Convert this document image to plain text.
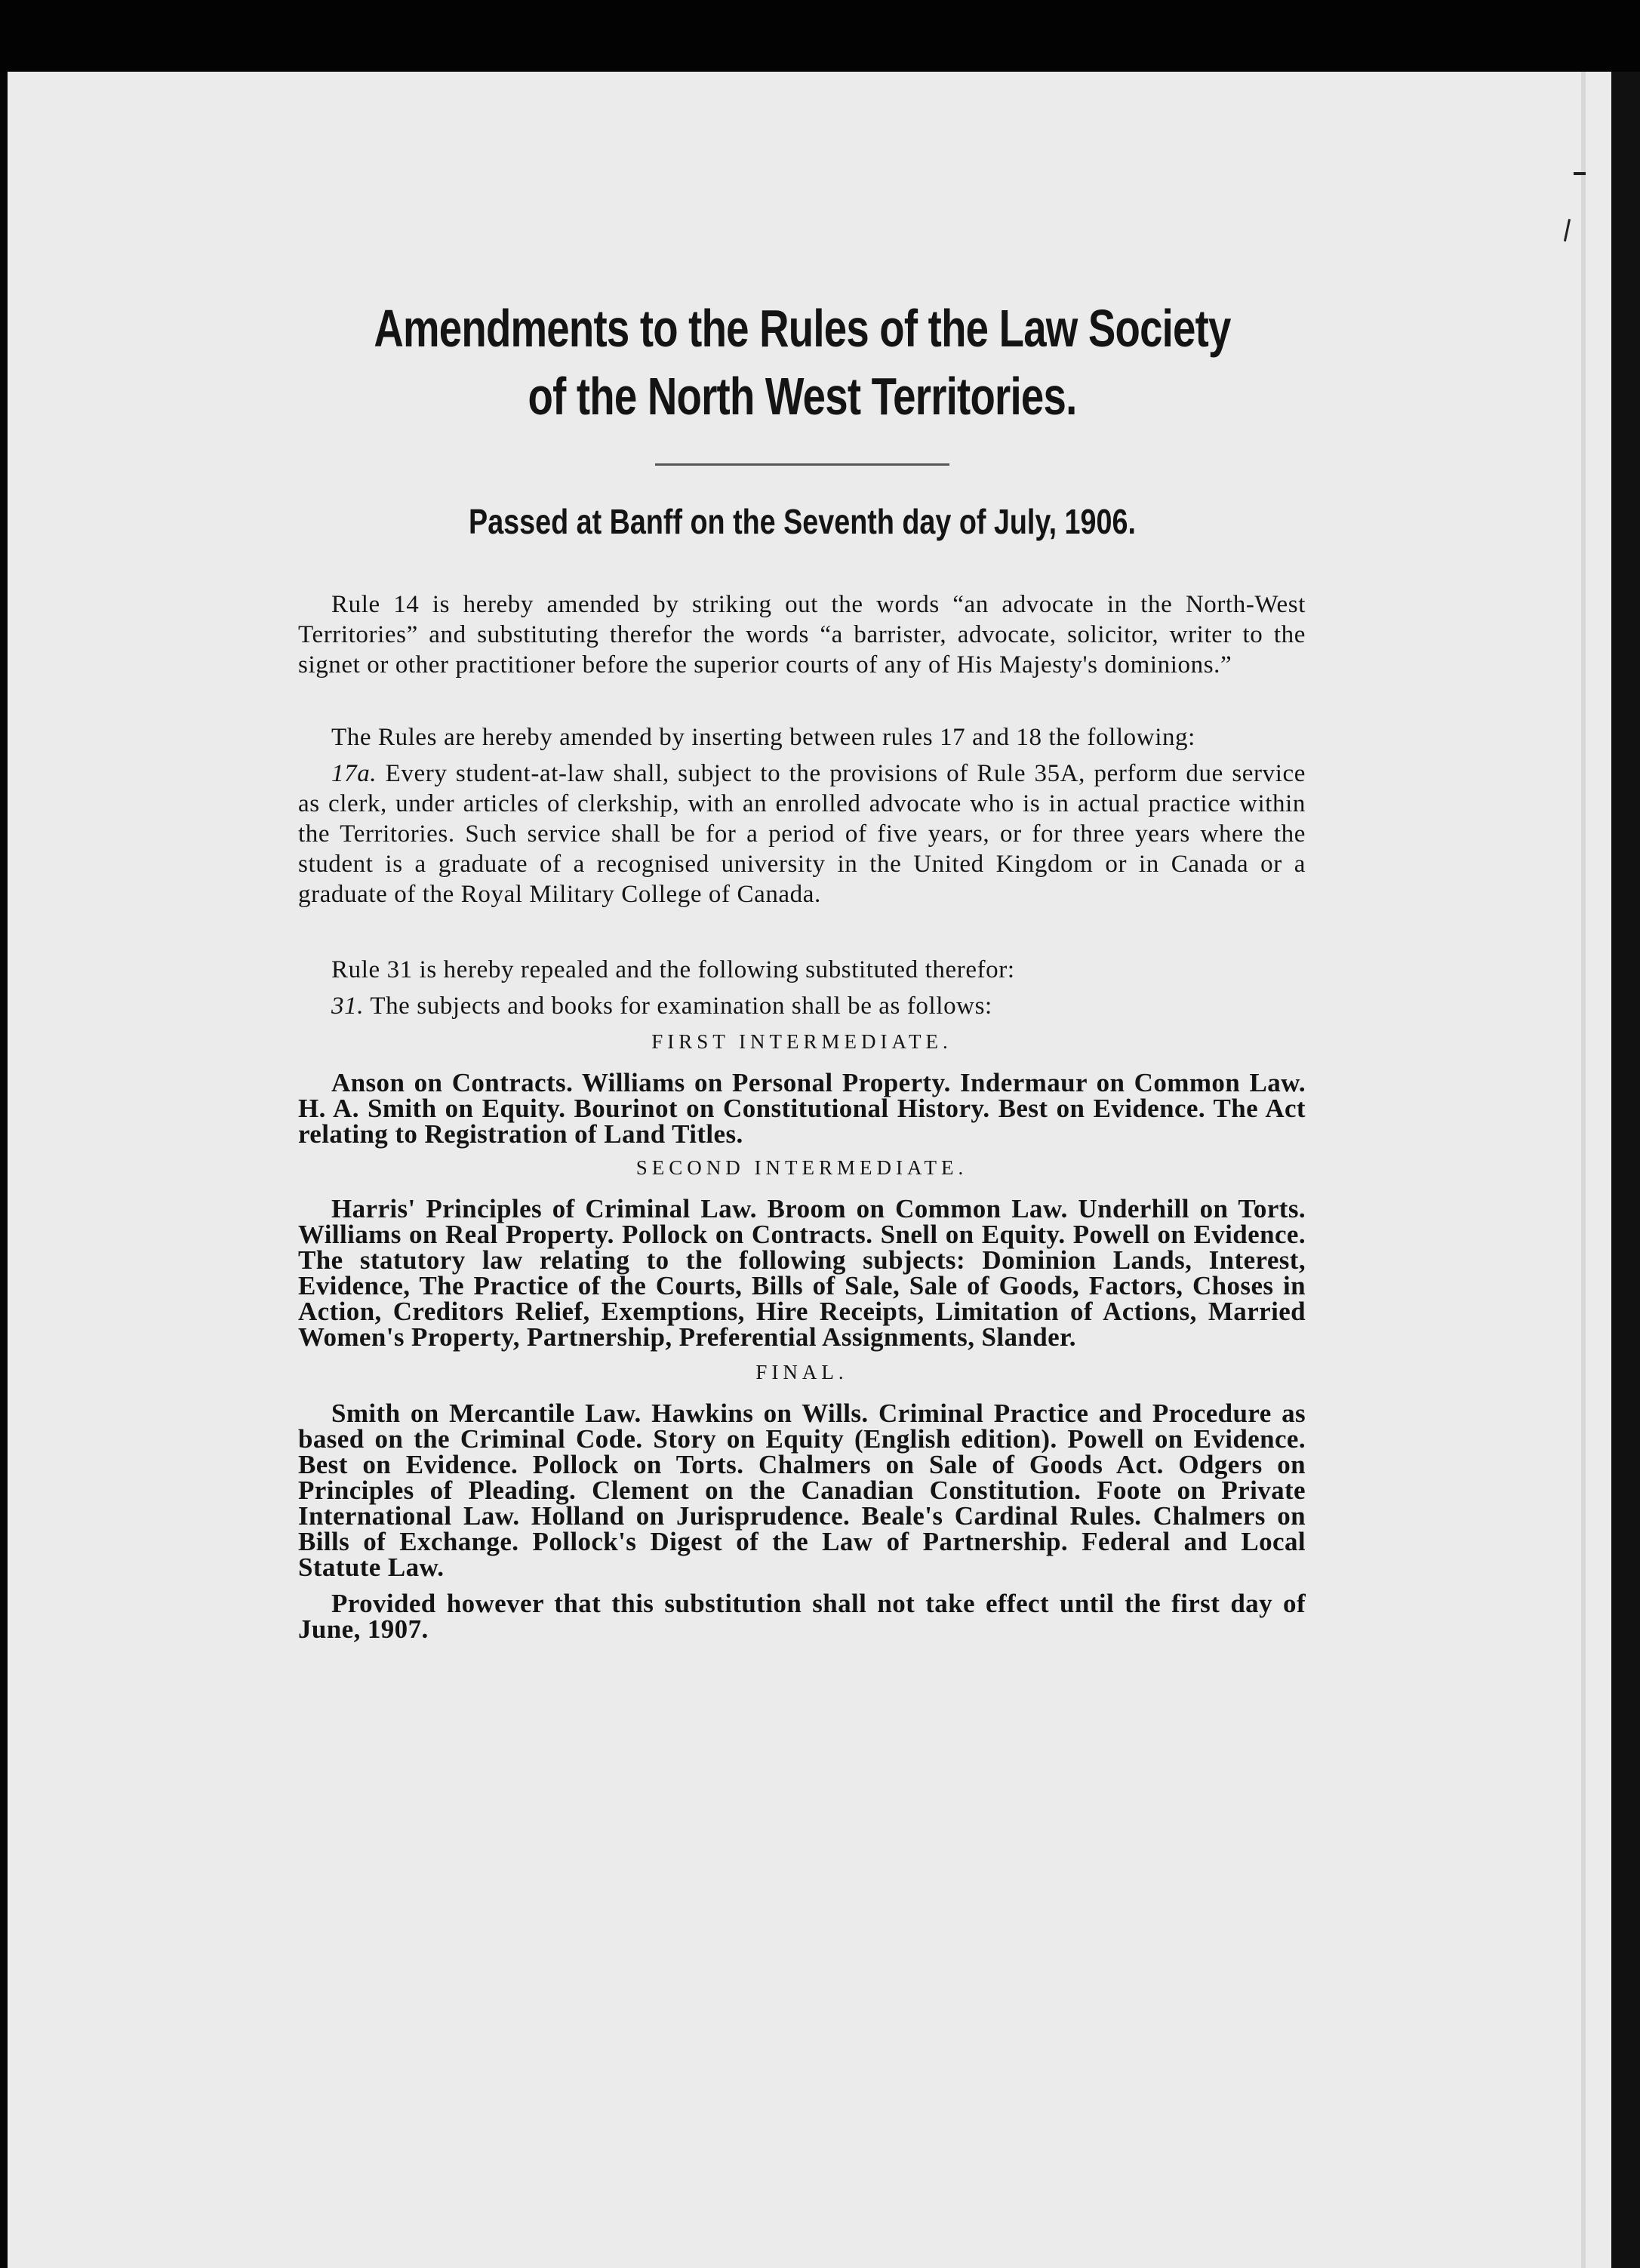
Amendments to the Rules of the Law Society
of the North West Territories.
Passed at Banff on the Seventh day of July, 1906.

Rule 14 is hereby amended by striking out the words “an advocate in the North-West Territories” and substituting therefor the words “a barrister, advocate, solicitor, writer to the signet or other practitioner before the superior courts of any of His Majesty's dominions.”

The Rules are hereby amended by inserting between rules 17 and 18 the following:

17a. Every student-at-law shall, subject to the provisions of Rule 35A, perform due service as clerk, under articles of clerkship, with an enrolled advocate who is in actual practice within the Territories. Such service shall be for a period of five years, or for three years where the student is a graduate of a recognised university in the United Kingdom or in Canada or a graduate of the Royal Military College of Canada.

Rule 31 is hereby repealed and the following substituted therefor:

31. The subjects and books for examination shall be as follows:

FIRST INTERMEDIATE.

Anson on Contracts. Williams on Personal Property. Indermaur on Common Law. H. A. Smith on Equity. Bourinot on Constitutional History. Best on Evidence. The Act relating to Registration of Land Titles.

SECOND INTERMEDIATE.

Harris' Principles of Criminal Law. Broom on Common Law. Underhill on Torts. Williams on Real Property. Pollock on Contracts. Snell on Equity. Powell on Evidence. The statutory law relating to the following subjects: Dominion Lands, Interest, Evidence, The Practice of the Courts, Bills of Sale, Sale of Goods, Factors, Choses in Action, Creditors Relief, Exemptions, Hire Receipts, Limitation of Actions, Married Women's Property, Partnership, Preferential Assignments, Slander.

FINAL.

Smith on Mercantile Law. Hawkins on Wills. Criminal Practice and Procedure as based on the Criminal Code. Story on Equity (English edition). Powell on Evidence. Best on Evidence. Pollock on Torts. Chalmers on Sale of Goods Act. Odgers on Principles of Pleading. Clement on the Canadian Constitution. Foote on Private International Law. Holland on Jurisprudence. Beale's Cardinal Rules. Chalmers on Bills of Exchange. Pollock's Digest of the Law of Partnership. Federal and Local Statute Law.

Provided however that this substitution shall not take effect until the first day of June, 1907.
